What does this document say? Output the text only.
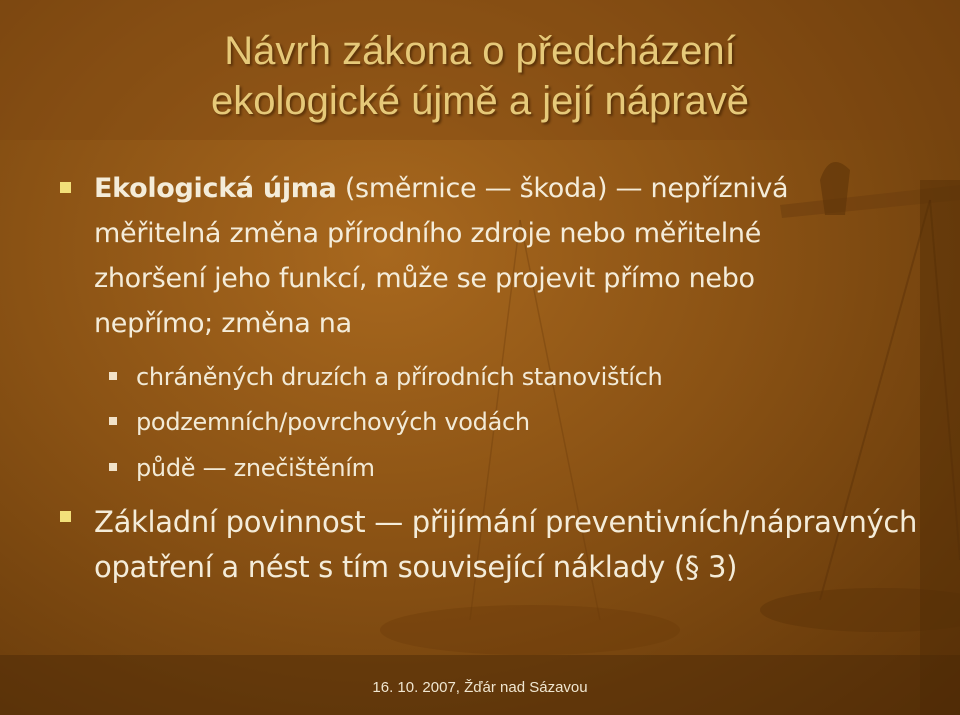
Návrh zákona o předcházení
ekologické újmě a její nápravě
Ekologická újma (směrnice — škoda) — nepříznivá měřitelná změna přírodního zdroje nebo měřitelné zhoršení jeho funkcí, může se projevit přímo nebo nepřímo; změna na
chráněných druzích a přírodních stanovištích
podzemních/povrchových vodách
půdě — znečištěním
Základní povinnost — přijímání preventivních/nápravných opatření a nést s tím související náklady (§ 3)
16. 10. 2007, Žďár nad Sázavou
